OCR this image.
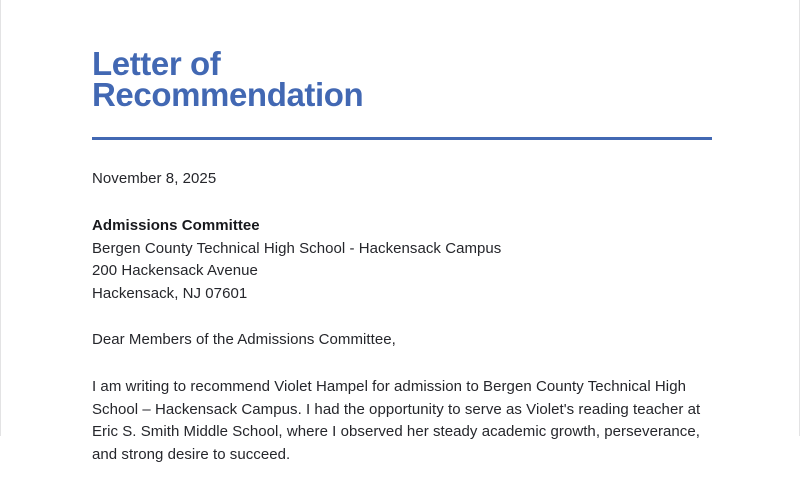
Letter of
Recommendation
November 8, 2025
Admissions Committee
Bergen County Technical High School - Hackensack Campus
200 Hackensack Avenue
Hackensack, NJ 07601
Dear Members of the Admissions Committee,

I am writing to recommend Violet Hampel for admission to Bergen County Technical High School – Hackensack Campus. I had the opportunity to serve as Violet's reading teacher at Eric S. Smith Middle School, where I observed her steady academic growth, perseverance, and strong desire to succeed.
